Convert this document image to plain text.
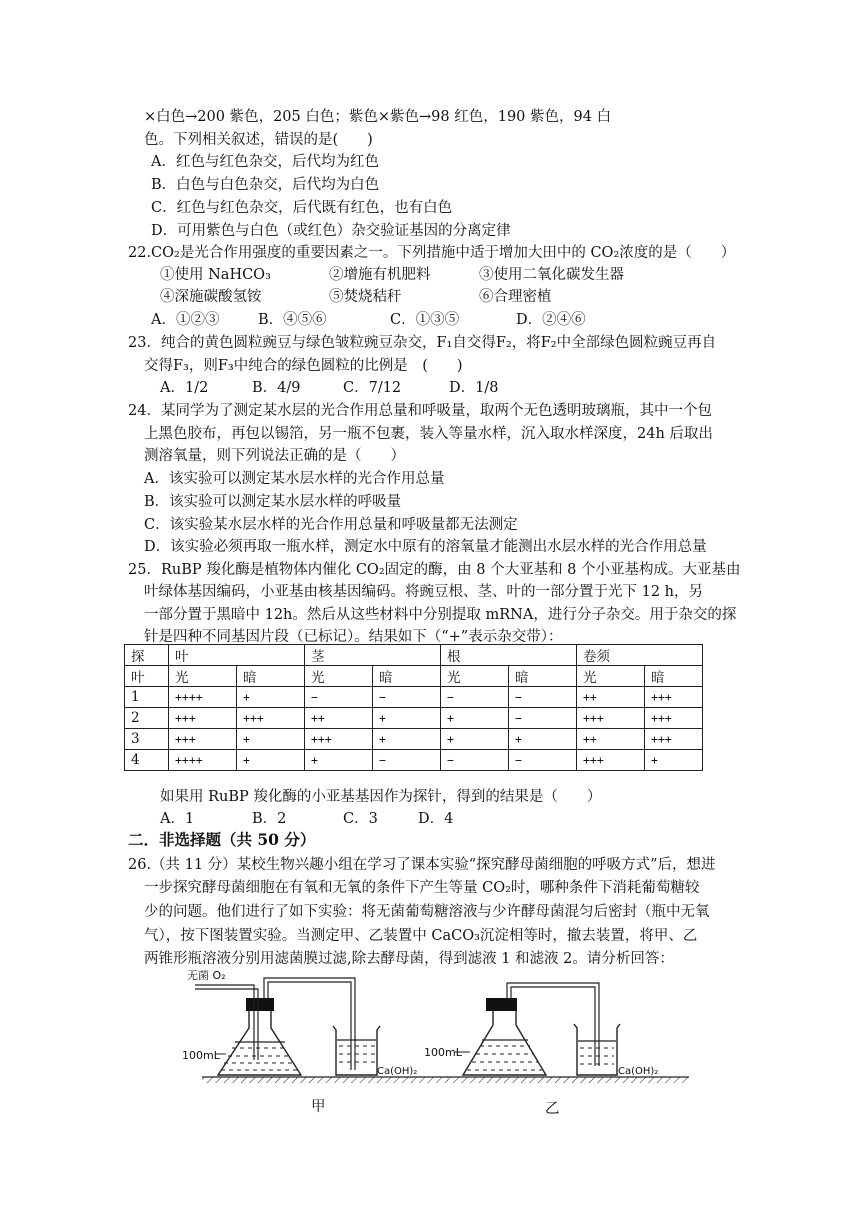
×白色→200 紫色，205 白色；紫色×紫色→98 红色，190 紫色，94 白
色。下列相关叙述，错误的是(　　)
A．红色与红色杂交，后代均为红色
B．白色与白色杂交，后代均为白色
C．红色与红色杂交，后代既有红色，也有白色
D．可用紫色与白色（或红色）杂交验证基因的分离定律
22.CO₂是光合作用强度的重要因素之一。下列措施中适于增加大田中的 CO₂浓度的是（　　）
①使用 NaHCO₃	②增施有机肥料	③使用二氧化碳发生器
④深施碳酸氢铵	⑤焚烧秸秆	⑥合理密植
A．①②③	B．④⑤⑥	C．①③⑤	D．②④⑥
23．纯合的黄色圆粒豌豆与绿色皱粒豌豆杂交，F₁自交得F₂，将F₂中全部绿色圆粒豌豆再自
交得F₃，则F₃中纯合的绿色圆粒的比例是　(　　)
A．1/2	B．4/9	C．7/12	D．1/8
24．某同学为了测定某水层的光合作用总量和呼吸量，取两个无色透明玻璃瓶，其中一个包
上黑色胶布，再包以锡箔，另一瓶不包裹，装入等量水样，沉入取水样深度，24h 后取出
测溶氧量，则下列说法正确的是（　　）
A．该实验可以测定某水层水样的光合作用总量
B．该实验可以测定某水层水样的呼吸量
C．该实验某水层水样的光合作用总量和呼吸量都无法测定
D．该实验必须再取一瓶水样，测定水中原有的溶氧量才能测出水层水样的光合作用总量
25．RuBP 羧化酶是植物体内催化 CO₂固定的酶，由 8 个大亚基和 8 个小亚基构成。大亚基由
叶绿体基因编码，小亚基由核基因编码。将豌豆根、茎、叶的一部分置于光下 12 h，另
一部分置于黑暗中 12h。然后从这些材料中分别提取 mRNA，进行分子杂交。用于杂交的探
针是四种不同基因片段（已标记）。结果如下（“+”表示杂交带）：
探	叶		茎		根		卷须	
叶	光	暗	光	暗	光	暗	光	暗
1	++++	+	−	−	−	−	++	+++
2	+++	+++	++	+	+	−	+++	+++
3	+++	+	+++	+	+	+	++	+++
4	++++	+	+	−	−	−	+++	+
如果用 RuBP 羧化酶的小亚基基因作为探针，得到的结果是（　　）
A．1	B．2	C．3	D．4
二．非选择题（共 50 分）
26.（共 11 分）某校生物兴趣小组在学习了课本实验“探究酵母菌细胞的呼吸方式”后，想进
一步探究酵母菌细胞在有氧和无氧的条件下产生等量 CO₂时，哪种条件下消耗葡萄糖较
少的问题。他们进行了如下实验：将无菌葡萄糖溶液与少许酵母菌混匀后密封（瓶中无氧
气），按下图装置实验。当测定甲、乙装置中 CaCO₃沉淀相等时，撤去装置，将甲、乙
两锥形瓶溶液分别用滤菌膜过滤,除去酵母菌，得到滤液 1 和滤液 2。请分析回答：
无菌 O₂
100mL	100mL
Ca(OH)₂	Ca(OH)₂
甲	乙
